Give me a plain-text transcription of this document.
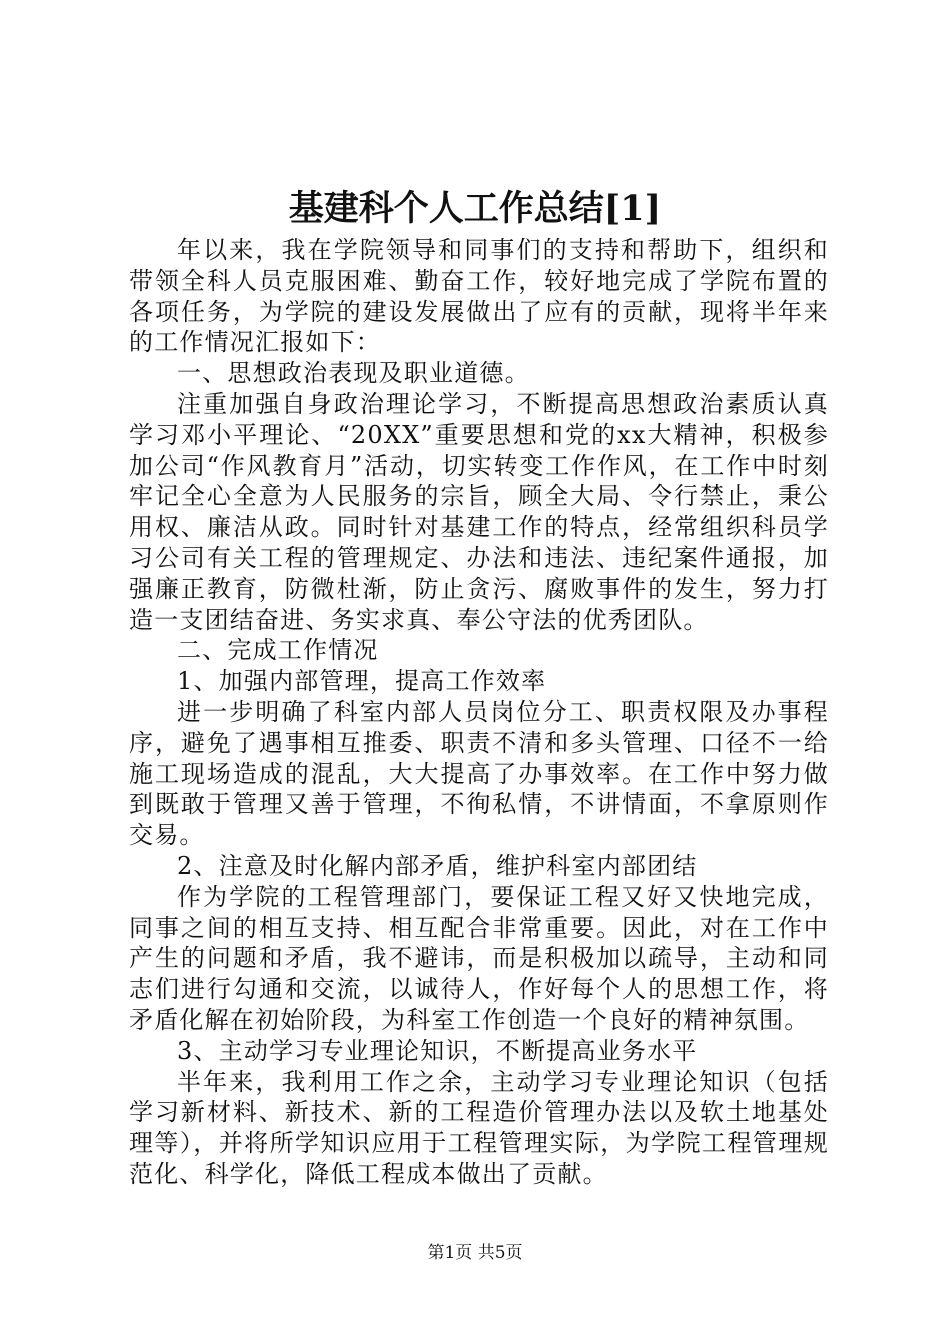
基建科个人工作总结[1]

年以来，我在学院领导和同事们的支持和帮助下，组织和带领全科人员克服困难、勤奋工作，较好地完成了学院布置的各项任务，为学院的建设发展做出了应有的贡献，现将半年来的工作情况汇报如下：

一、思想政治表现及职业道德。

注重加强自身政治理论学习，不断提高思想政治素质认真学习邓小平理论、“20XX”重要思想和党的xx大精神，积极参加公司“作风教育月”活动，切实转变工作作风，在工作中时刻牢记全心全意为人民服务的宗旨，顾全大局、令行禁止，秉公用权、廉洁从政。同时针对基建工作的特点，经常组织科员学习公司有关工程的管理规定、办法和违法、违纪案件通报，加强廉正教育，防微杜渐，防止贪污、腐败事件的发生，努力打造一支团结奋进、务实求真、奉公守法的优秀团队。

二、完成工作情况

1、加强内部管理，提高工作效率

进一步明确了科室内部人员岗位分工、职责权限及办事程序，避免了遇事相互推委、职责不清和多头管理、口径不一给施工现场造成的混乱，大大提高了办事效率。在工作中努力做到既敢于管理又善于管理，不徇私情，不讲情面，不拿原则作交易。

2、注意及时化解内部矛盾，维护科室内部团结

作为学院的工程管理部门，要保证工程又好又快地完成，同事之间的相互支持、相互配合非常重要。因此，对在工作中产生的问题和矛盾，我不避讳，而是积极加以疏导，主动和同志们进行勾通和交流，以诚待人，作好每个人的思想工作，将矛盾化解在初始阶段，为科室工作创造一个良好的精神氛围。

3、主动学习专业理论知识，不断提高业务水平

半年来，我利用工作之余，主动学习专业理论知识（包括学习新材料、新技术、新的工程造价管理办法以及软土地基处理等），并将所学知识应用于工程管理实际，为学院工程管理规范化、科学化，降低工程成本做出了贡献。

第1页 共5页
